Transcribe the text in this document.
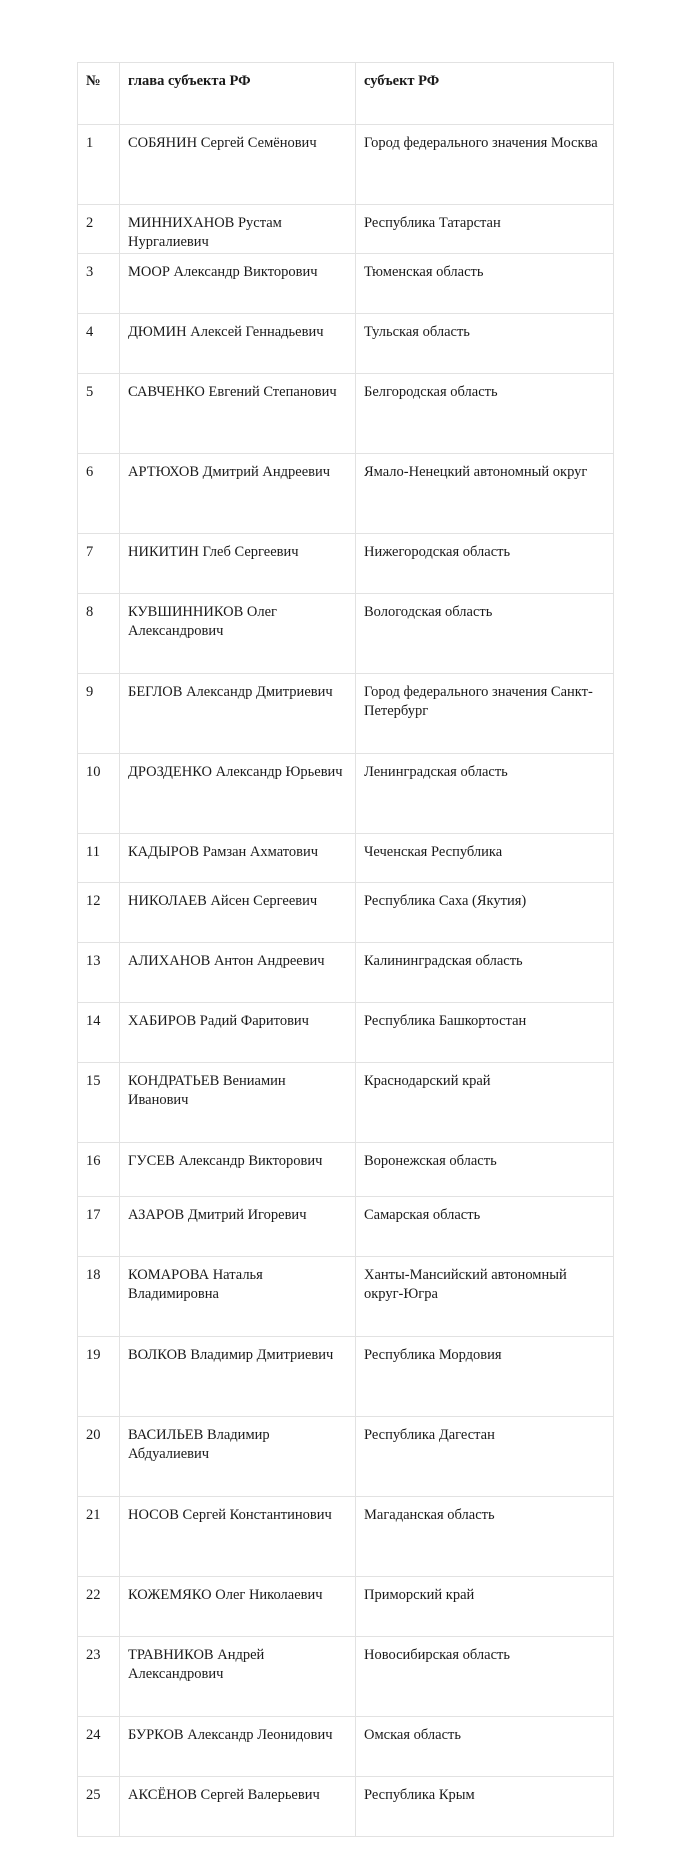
№	глава субъекта РФ	субъект РФ
1	СОБЯНИН Сергей Семёнович	Город федерального значения Москва
2	МИННИХАНОВ Рустам Нургалиевич	Республика Татарстан
3	МООР Александр Викторович	Тюменская область
4	ДЮМИН Алексей Геннадьевич	Тульская область
5	САВЧЕНКО Евгений Степанович	Белгородская область
6	АРТЮХОВ Дмитрий Андреевич	Ямало-Ненецкий автономный округ
7	НИКИТИН Глеб Сергеевич	Нижегородская область
8	КУВШИННИКОВ Олег Александрович	Вологодская область
9	БЕГЛОВ Александр Дмитриевич	Город федерального значения Санкт-Петербург
10	ДРОЗДЕНКО Александр Юрьевич	Ленинградская область
11	КАДЫРОВ Рамзан Ахматович	Чеченская Республика
12	НИКОЛАЕВ Айсен Сергеевич	Республика Саха (Якутия)
13	АЛИХАНОВ Антон Андреевич	Калининградская область
14	ХАБИРОВ Радий Фаритович	Республика Башкортостан
15	КОНДРАТЬЕВ Вениамин Иванович	Краснодарский край
16	ГУСЕВ Александр Викторович	Воронежская область
17	АЗАРОВ Дмитрий Игоревич	Самарская область
18	КОМАРОВА Наталья Владимировна	Ханты-Мансийский автономный округ-Югра
19	ВОЛКОВ Владимир Дмитриевич	Республика Мордовия
20	ВАСИЛЬЕВ Владимир Абдуалиевич	Республика Дагестан
21	НОСОВ Сергей Константинович	Магаданская область
22	КОЖЕМЯКО Олег Николаевич	Приморский край
23	ТРАВНИКОВ Андрей Александрович	Новосибирская область
24	БУРКОВ Александр Леонидович	Омская область
25	АКСЁНОВ Сергей Валерьевич	Республика Крым
